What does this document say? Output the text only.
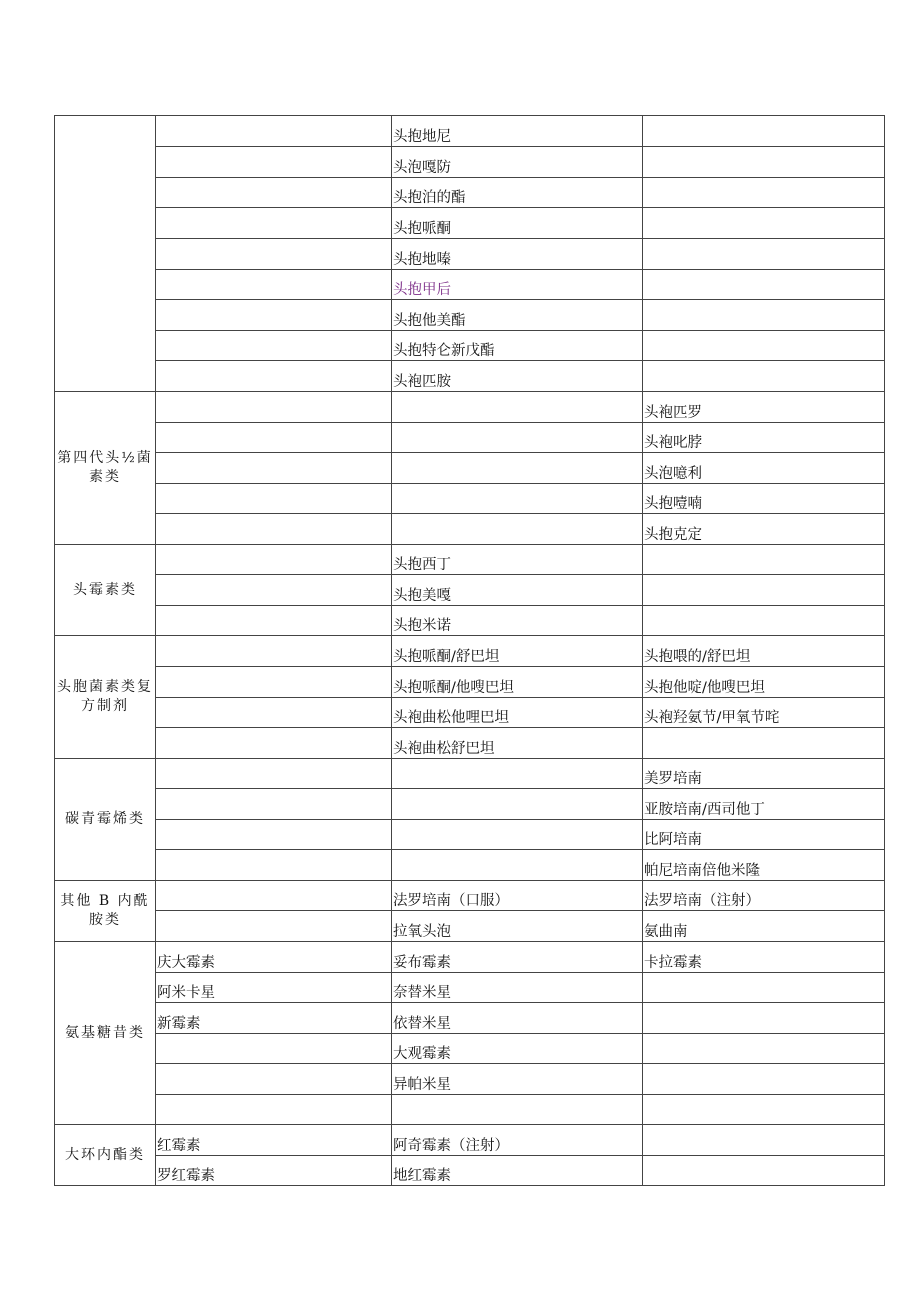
		头抱地尼	
		头泡嘎防	
		头抱泊的酯	
		头抱哌酮	
		头抱地嗪	
		头抱甲后	
		头抱他美酯	
		头抱特仑新戊酯	
		头袍匹胺	
第四代头½菌素类			头袍匹罗
			头袍叱脖
			头泡噫利
			头抱噎喃
			头抱克定
头霉素类		头抱西丁	
		头抱美嘎	
		头抱米诺	
头胞菌素类复方制剂		头抱哌酮/舒巴坦	头抱喂的/舒巴坦
		头抱哌酮/他嗖巴坦	头抱他啶/他嗖巴坦
		头袍曲松他哩巴坦	头袍羟氨节/甲氧节咤
		头袍曲松舒巴坦	
碳青霉烯类			美罗培南
			亚胺培南/西司他丁
			比阿培南
			帕尼培南倍他米隆
其他 B 内酰胺类		法罗培南（口服）	法罗培南（注射）
		拉氧头泡	氨曲南
氨基糖昔类	庆大霉素	妥布霉素	卡拉霉素
	阿米卡星	奈替米星	
	新霉素	依替米星	
		大观霉素	
		异帕米星	

大环内酯类	红霉素	阿奇霉素（注射）	
	罗红霉素	地红霉素	
